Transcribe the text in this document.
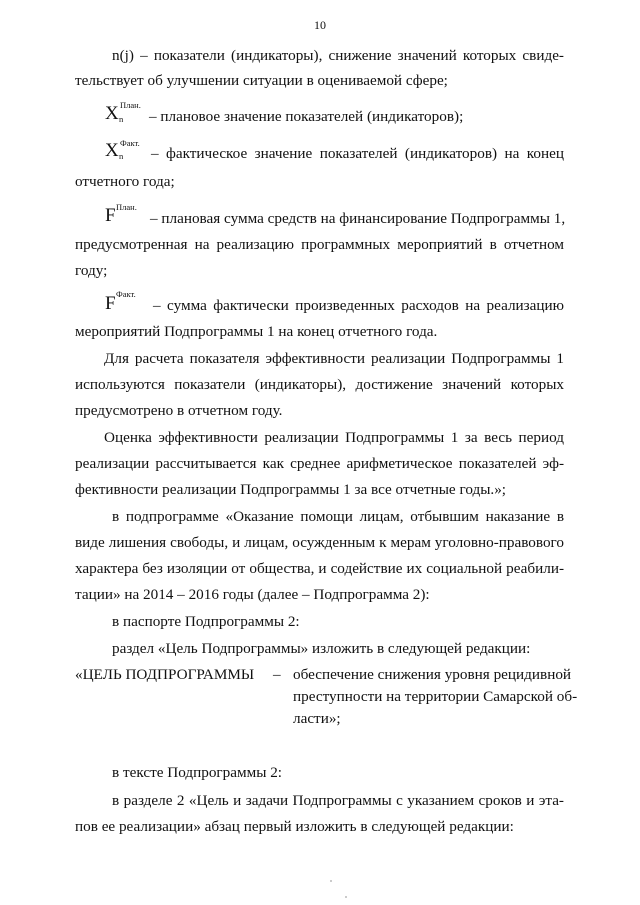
10
n(j) – показатели (индикаторы), снижение значений которых свиде-
тельствует об улучшении ситуации в оцениваемой сфере;
X План.
n – плановое значение показателей (индикаторов);
X Факт.
n – фактическое значение показателей (индикаторов) на конец
отчетного года;
F План.
– плановая сумма средств на финансирование Подпрограммы 1,
предусмотренная на реализацию программных мероприятий в отчетном
году;
F Факт.
– сумма фактически произведенных расходов на реализацию
мероприятий Подпрограммы 1 на конец отчетного года.
Для расчета показателя эффективности реализации Подпрограммы 1
используются показатели (индикаторы), достижение значений которых
предусмотрено в отчетном году.
Оценка эффективности реализации Подпрограммы 1 за весь период
реализации рассчитывается как среднее арифметическое показателей эф-
фективности реализации Подпрограммы 1 за все отчетные годы.»;
в подпрограмме «Оказание помощи лицам, отбывшим наказание в
виде лишения свободы, и лицам, осужденным к мерам уголовно-правового
характера без изоляции от общества, и содействие их социальной реабили-
тации» на 2014 – 2016 годы (далее – Подпрограмма 2):
в паспорте Подпрограммы 2:
раздел «Цель Подпрограммы» изложить в следующей редакции:
«ЦЕЛЬ ПОДПРОГРАММЫ – обеспечение снижения уровня рецидивной
преступности на территории Самарской об-
ласти»;
в тексте Подпрограммы 2:
в разделе 2 «Цель и задачи Подпрограммы с указанием сроков и эта-
пов ее реализации» абзац первый изложить в следующей редакции:
